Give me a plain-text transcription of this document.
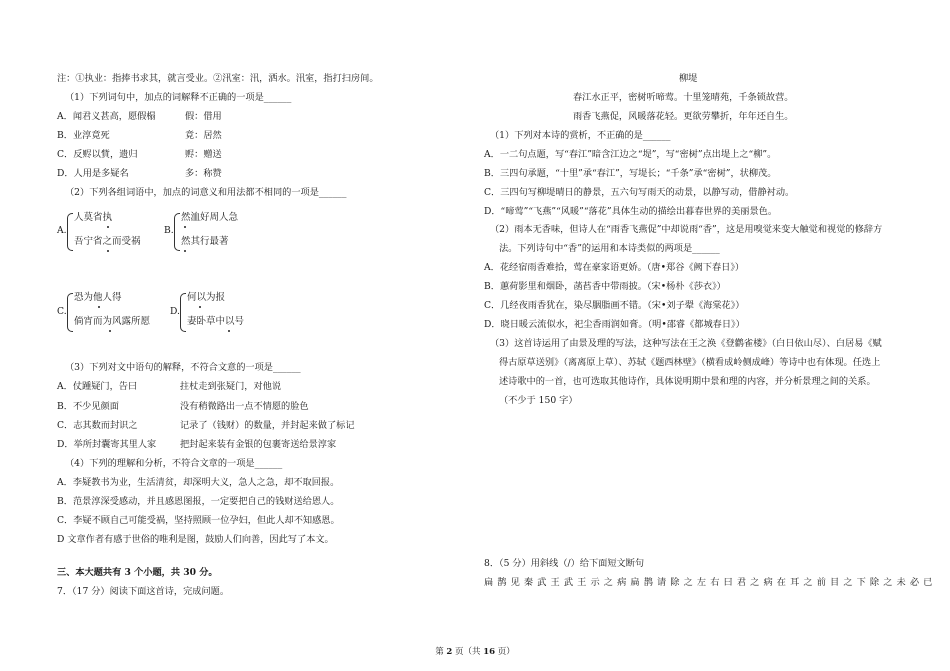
注：①执业：指捧书求其，就言受业。②汛室：汛，洒水。汛室，指打扫房间。
（1）下列词句中，加点的词解释不正确的一项是______
A．闻君义甚高，愿假榻	假：借用
B．业淳竟死	竟：居然
C．反赆以貲，遗归	赆：赠送
D．人用是多疑名	多：称赞
（2）下列各组词语中，加点的词意义和用法都不相同的一项是______
A.
人莫省执
吾宁省之而受祸
B.
然洫好周人急
然其行最著
C.
恐为他人得
倘宵而为风露所愿
D.
何以为报
妻卧草中以号
（3）下列对文中语句的解释，不符合文意的一项是______
A．仗踵疑门，告曰	拄杖走到张疑门，对他说
B．不少见颜面	没有稍微路出一点不情愿的脸色
C．志其数而封识之	记录了（钱财）的数量，并封起来做了标记
D．举所封囊寄其里人家	把封起来装有金银的包裹寄送给景淳家
（4）下列的理解和分析，不符合文章的一项是______
A．李疑教书为业，生活清贫，却深明大义，急人之急，却不取回报。
B．范景淳深受感动，并且感恩图报，一定要把自己的钱财送给恩人。
C．李疑不顾自己可能受祸，坚持照顾一位孕妇，但此人却不知感恩。
D 文章作者有感于世俗的唯利是图，鼓励人们向善，因此写了本文。
三、本大题共有 3 个小题，共 30 分。
7．（17 分）阅读下面这首诗，完成问题。
柳堤
春江水正平，密树听啼莺。十里笼晴苑，千条锁故营。
雨香飞燕促，风暖落花轻。更欲劳攀折，年年还自生。
（1）下列对本诗的赏析，不正确的是______
A．一二句点题，写“春江”暗含江边之“堤”，写“密树”点出堤上之“柳”。
B．三四句承题，“十里”承“春江”，写堤长；“千条”承“密树”，状柳茂。
C．三四句写柳堤晴日的静景，五六句写雨天的动景，以静写动，借静衬动。
D．“啼莺”“飞燕”“风暖”“落花”具体生动的描绘出暮春世界的美丽景色。
（2）雨本无香味，但诗人在“雨香飞燕促”中却说雨“香”，这是用嗅觉来变大触觉和视觉的修辞方
法。下列诗句中“香”的运用和本诗类似的两项是______
A．花经宿雨香难拾，莺在豪家语更娇。（唐•郑谷《阙下春日》）
B．蕙荷影里和烟卧，菡萏香中带雨披。（宋•杨朴《莎衣》）
C．几经夜雨香犹在，染尽胭脂画不错。（宋•刘子翚《海棠花》）
D．晓日暖云流似水，祀尘香雨润如膏。（明•邵睿《都城春日》）
（3）这首诗运用了由景及理的写法，这种写法在王之涣《登鹳雀楼》（白日依山尽）、白居易《赋
得古原草送别》（离离原上草）、苏轼《题西林壁》（横看成岭侧成峰）等诗中也有体现。任选上
述诗歌中的一首，也可选取其他诗作，具体说明期中景和理的内容，并分析景理之间的关系。
（不少于 150 字）
8．（5 分）用斜线（/）给下面短文断句
扁 鹊 见 秦 武 王 武 王 示 之 病 扁 鹊 请 除 之 左 右 曰 君 之 病 在 耳 之 前 目 之 下 除 之 未 必 已
第 2 页（共 16 页）
